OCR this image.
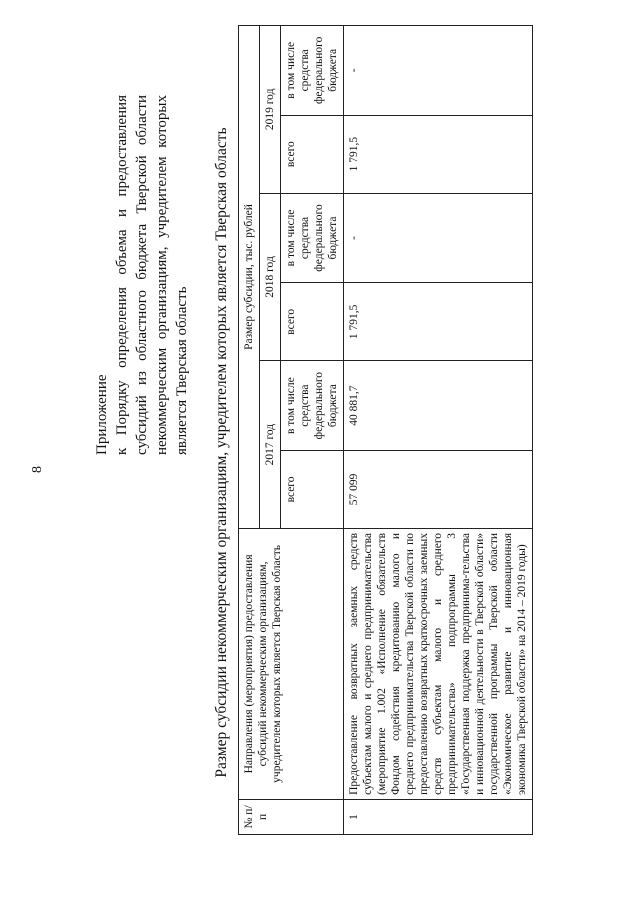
8
Приложение к Порядку определения объема и предоставления субсидий из областного бюджета Тверской области некоммерческим организациям, учредителем которых является Тверская область Размер субсидии некоммерческим организациям, учредителем которых является Тверская область
№ п/п	Направления (мероприятия) предоставления субсидий некоммерческим организациям, учредителем которых является Тверская область	Размер субсидии, тыс. рублей					
		2017 год		2018 год		2019 год	
		всего	в том числе средства федерального бюджета	всего	в том числе средства федерального бюджета	всего	в том числе средства федерального бюджета
1	Предоставление возвратных заемных средств субъектам малого и среднего предпринимательства (мероприятие 1.002 «Исполнение обязательств Фондом содействия кредитованию малого и среднего предпринимательства Тверской области по предоставлению возвратных краткосрочных заемных средств субъектам малого и среднего предпринимательства» подпрограммы 3 «Государственная поддержка предпринима-тельства и инновационной деятельности в Тверской области» государственной программы Тверской области «Экономическое развитие и инновационная экономика Тверской области» на 2014 – 2019 годы)	57 099	40 881,7	1 791,5	-	1 791,5	-
